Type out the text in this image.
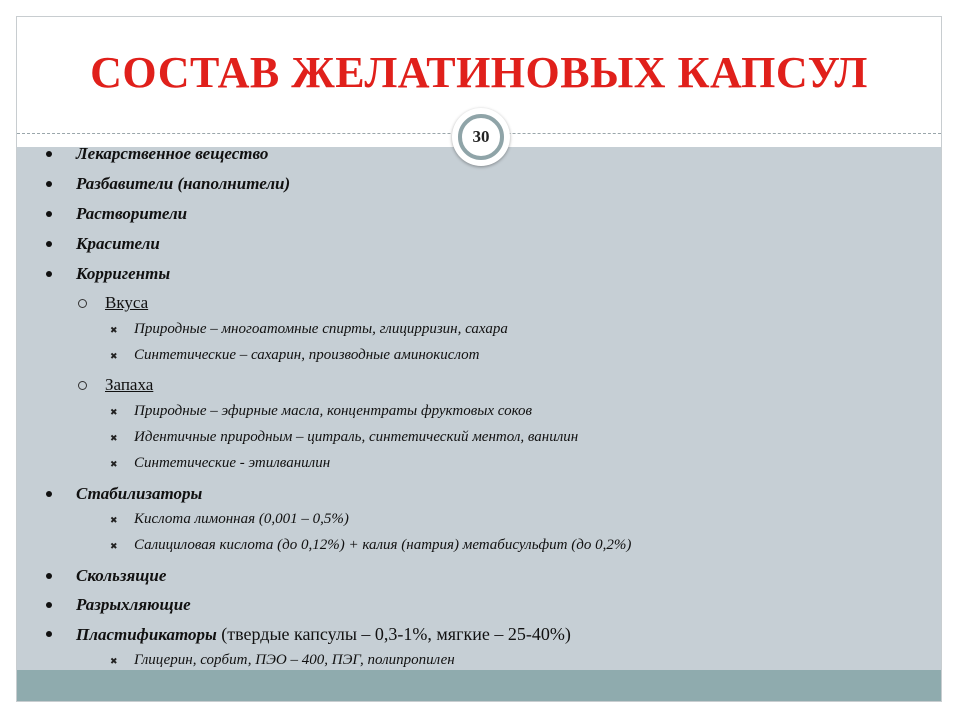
СОСТАВ ЖЕЛАТИНОВЫХ КАПСУЛ
30
Лекарственное вещество
Разбавители (наполнители)
Растворители
Красители
Корригенты
Вкуса
✖ Природные – многоатомные спирты, глицирризин, сахара
✖ Синтетические – сахарин, производные аминокислот
Запаха
✖ Природные – эфирные масла, концентраты фруктовых соков
✖ Идентичные природным – цитраль, синтетический ментол, ванилин
✖ Синтетические - этилванилин
Стабилизаторы
✖ Кислота лимонная (0,001 – 0,5%)
✖ Салициловая кислота (до 0,12%) + калия (натрия) метабисульфит (до 0,2%)
Скользящие
Разрыхляющие
Пластификаторы (твердые капсулы – 0,3-1%, мягкие – 25-40%)
✖ Глицерин, сорбит, ПЭО – 400, ПЭГ, полипропилен
